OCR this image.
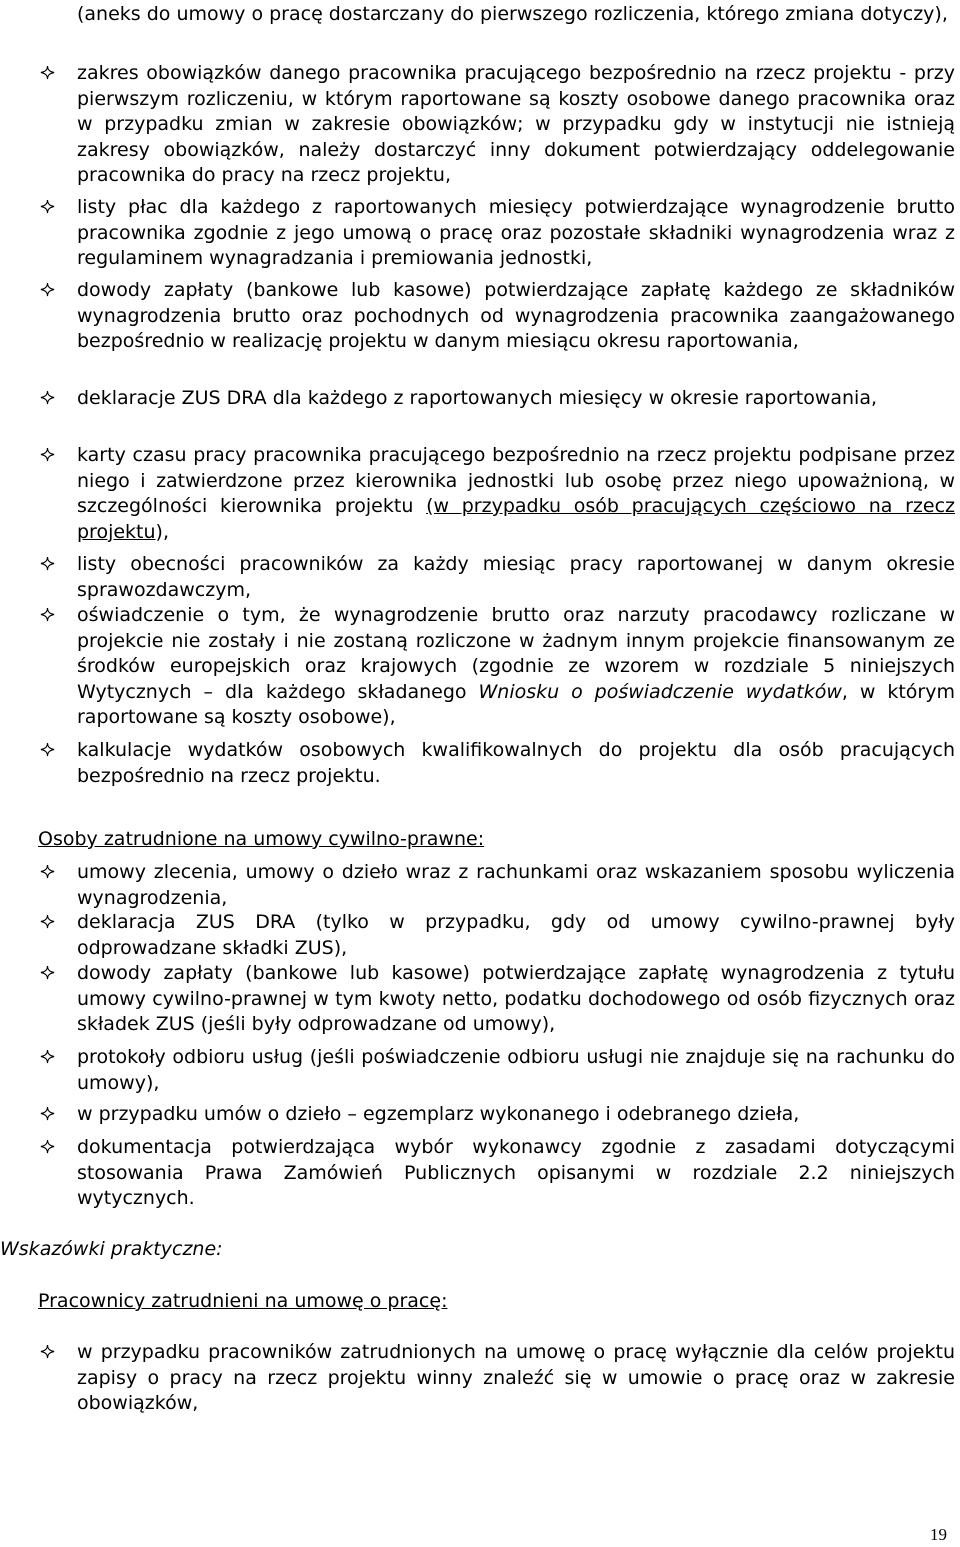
(aneks do umowy o pracę dostarczany do pierwszego rozliczenia, którego zmiana dotyczy),

zakres obowiązków danego pracownika pracującego bezpośrednio na rzecz projektu - przy pierwszym rozliczeniu, w którym raportowane są koszty osobowe danego pracownika oraz w przypadku zmian w zakresie obowiązków; w przypadku gdy w instytucji nie istnieją zakresy obowiązków, należy dostarczyć inny dokument potwierdzający oddelegowanie pracownika do pracy na rzecz projektu,

listy płac dla każdego z raportowanych miesięcy potwierdzające wynagrodzenie brutto pracownika zgodnie z jego umową o pracę oraz pozostałe składniki wynagrodzenia wraz z regulaminem wynagradzania i premiowania jednostki,

dowody zapłaty (bankowe lub kasowe) potwierdzające zapłatę każdego ze składników wynagrodzenia brutto oraz pochodnych od wynagrodzenia pracownika zaangażowanego bezpośrednio w realizację projektu w danym miesiącu okresu raportowania,

deklaracje ZUS DRA dla każdego z raportowanych miesięcy w okresie raportowania,

karty czasu pracy pracownika pracującego bezpośrednio na rzecz projektu podpisane przez niego i zatwierdzone przez kierownika jednostki lub osobę przez niego upoważnioną, w szczególności kierownika projektu (w przypadku osób pracujących częściowo na rzecz projektu),

listy obecności pracowników za każdy miesiąc pracy raportowanej w danym okresie sprawozdawczym,

oświadczenie o tym, że wynagrodzenie brutto oraz narzuty pracodawcy rozliczane w projekcie nie zostały i nie zostaną rozliczone w żadnym innym projekcie finansowanym ze środków europejskich oraz krajowych (zgodnie ze wzorem w rozdziale 5 niniejszych Wytycznych – dla każdego składanego Wniosku o poświadczenie wydatków, w którym raportowane są koszty osobowe),

kalkulacje wydatków osobowych kwalifikowalnych do projektu dla osób pracujących bezpośrednio na rzecz projektu.

Osoby zatrudnione na umowy cywilno-prawne:

umowy zlecenia, umowy o dzieło wraz z rachunkami oraz wskazaniem sposobu wyliczenia wynagrodzenia,

deklaracja ZUS DRA (tylko w przypadku, gdy od umowy cywilno-prawnej były odprowadzane składki ZUS),

dowody zapłaty (bankowe lub kasowe) potwierdzające zapłatę wynagrodzenia z tytułu umowy cywilno-prawnej w tym kwoty netto, podatku dochodowego od osób fizycznych oraz składek ZUS (jeśli były odprowadzane od umowy),

protokoły odbioru usług (jeśli poświadczenie odbioru usługi nie znajduje się na rachunku do umowy),

w przypadku umów o dzieło – egzemplarz wykonanego i odebranego dzieła,

dokumentacja potwierdzająca wybór wykonawcy zgodnie z zasadami dotyczącymi stosowania Prawa Zamówień Publicznych opisanymi w rozdziale 2.2 niniejszych wytycznych.

Wskazówki praktyczne:

Pracownicy zatrudnieni na umowę o pracę:

w przypadku pracowników zatrudnionych na umowę o pracę wyłącznie dla celów projektu zapisy o pracy na rzecz projektu winny znaleźć się w umowie o pracę oraz w zakresie obowiązków,

19
